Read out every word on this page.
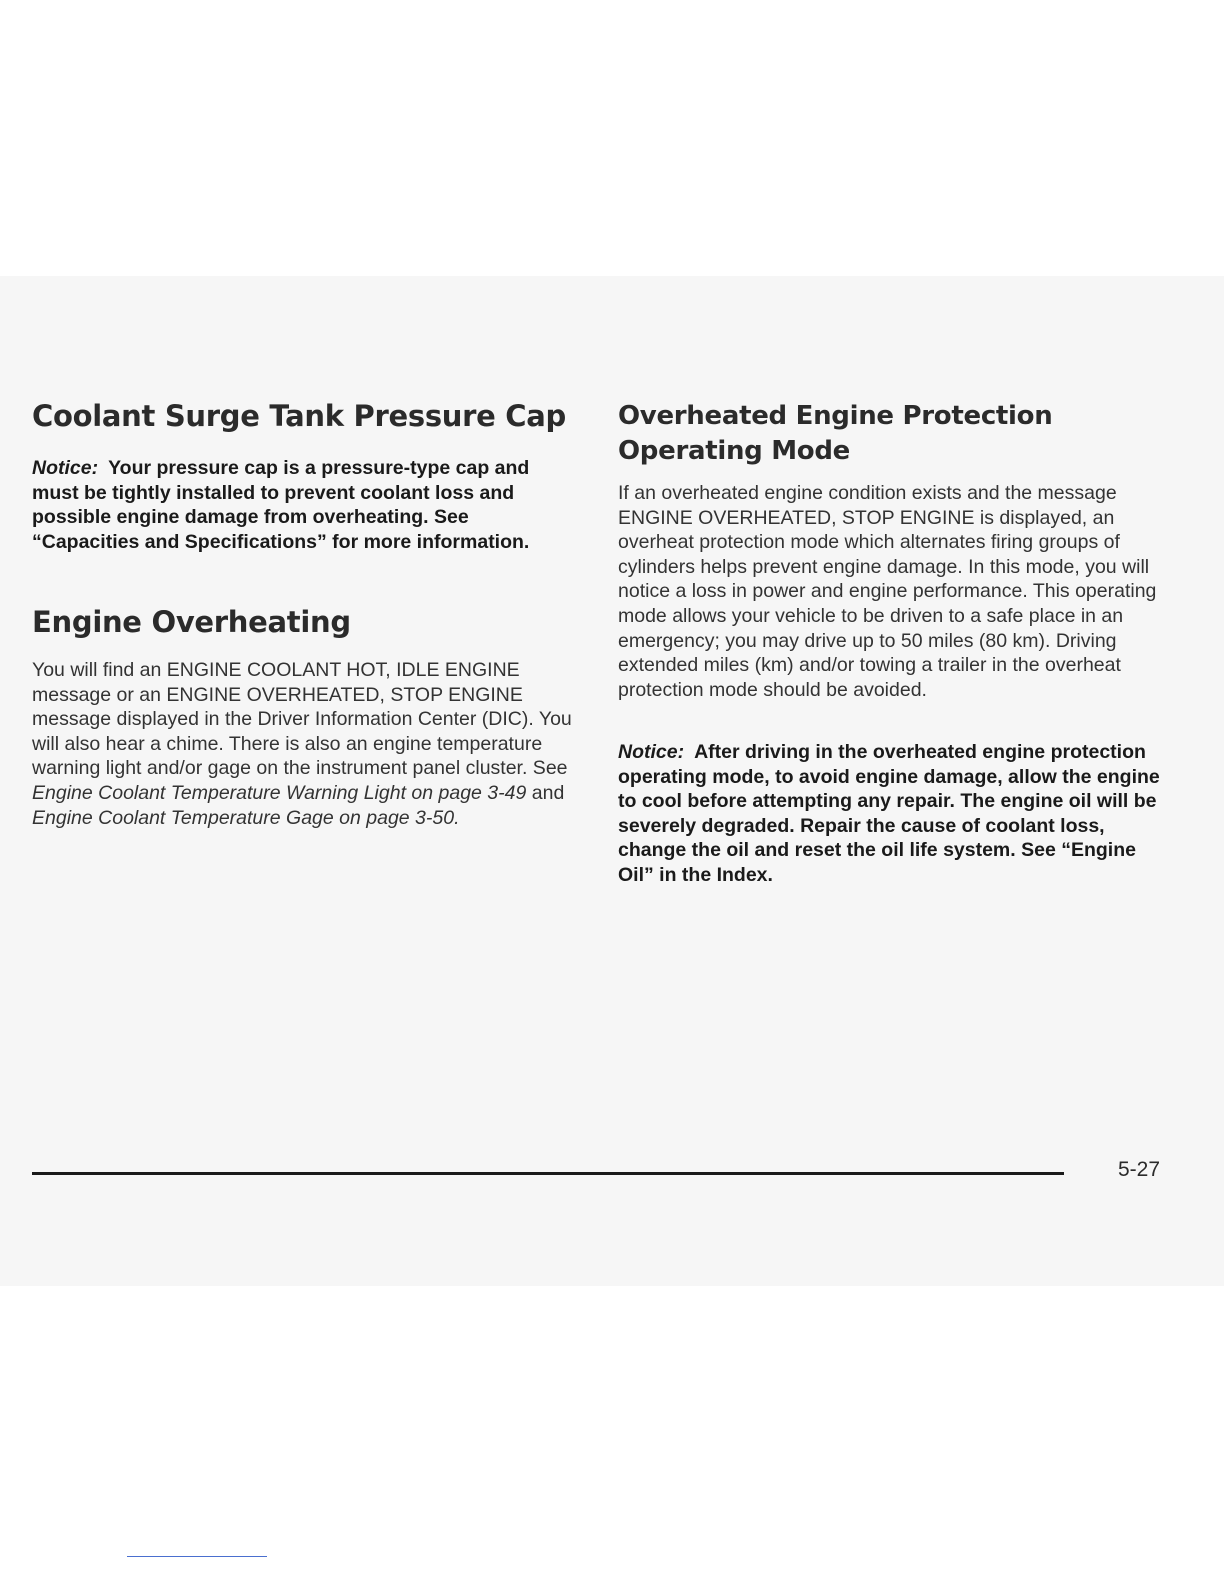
Coolant Surge Tank Pressure Cap

Notice: Your pressure cap is a pressure-type cap and must be tightly installed to prevent coolant loss and possible engine damage from overheating. See “Capacities and Specifications” for more information.

Engine Overheating

You will find an ENGINE COOLANT HOT, IDLE ENGINE message or an ENGINE OVERHEATED, STOP ENGINE message displayed in the Driver Information Center (DIC). You will also hear a chime. There is also an engine temperature warning light and/or gage on the instrument panel cluster. See Engine Coolant Temperature Warning Light on page 3-49 and Engine Coolant Temperature Gage on page 3-50.

Overheated Engine Protection
Operating Mode

If an overheated engine condition exists and the message ENGINE OVERHEATED, STOP ENGINE is displayed, an overheat protection mode which alternates firing groups of cylinders helps prevent engine damage. In this mode, you will notice a loss in power and engine performance. This operating mode allows your vehicle to be driven to a safe place in an emergency; you may drive up to 50 miles (80 km). Driving extended miles (km) and/or towing a trailer in the overheat protection mode should be avoided.

Notice: After driving in the overheated engine protection operating mode, to avoid engine damage, allow the engine to cool before attempting any repair. The engine oil will be severely degraded. Repair the cause of coolant loss, change the oil and reset the oil life system. See “Engine Oil” in the Index.

5-27
